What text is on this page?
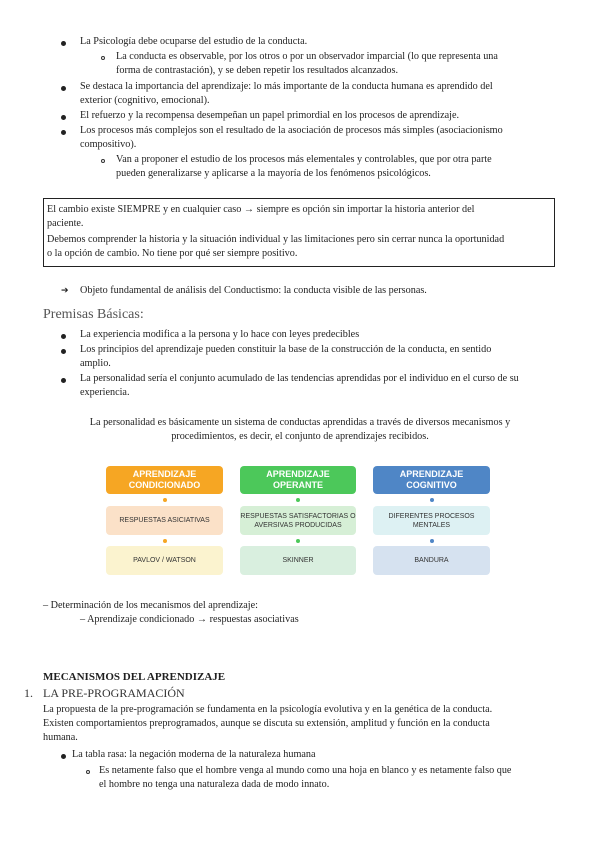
La Psicología debe ocuparse del estudio de la conducta.
La conducta es observable, por los otros o por un observador imparcial (lo que representa una
forma de contrastación), y se deben repetir los resultados alcanzados.
Se destaca la importancia del aprendizaje: lo más importante de la conducta humana es aprendido del
exterior (cognitivo, emocional).
El refuerzo y la recompensa desempeñan un papel primordial en los procesos de aprendizaje.
Los procesos más complejos son el resultado de la asociación de procesos más simples (asociacionismo
compositivo).
Van a proponer el estudio de los procesos más elementales y controlables, que por otra parte
pueden generalizarse y aplicarse a la mayoría de los fenómenos psicológicos.
El cambio existe SIEMPRE y en cualquier caso → siempre es opción sin importar la historia anterior del
paciente.
Debemos comprender la historia y la situación individual y las limitaciones pero sin cerrar nunca la oportunidad
o la opción de cambio. No tiene por qué ser siempre positivo.
➔ Objeto fundamental de análisis del Conductismo: la conducta visible de las personas.
Premisas Básicas:
La experiencia modifica a la persona y lo hace con leyes predecibles
Los principios del aprendizaje pueden constituir la base de la construcción de la conducta, en sentido
amplio.
La personalidad sería el conjunto acumulado de las tendencias aprendidas por el individuo en el curso de su
experiencia.
La personalidad es básicamente un sistema de conductas aprendidas a través de diversos mecanismos y
procedimientos, es decir, el conjunto de aprendizajes recibidos.
APRENDIZAJE
CONDICIONADO
RESPUESTAS ASICIATIVAS
PAVLOV / WATSON
APRENDIZAJE
OPERANTE
RESPUESTAS SATISFACTORIAS O
AVERSIVAS PRODUCIDAS
SKINNER
APRENDIZAJE
COGNITIVO
DIFERENTES PROCESOS
MENTALES
BANDURA
– Determinación de los mecanismos del aprendizaje:
– Aprendizaje condicionado → respuestas asociativas
MECANISMOS DEL APRENDIZAJE
1. LA PRE-PROGRAMACIÓN
La propuesta de la pre-programación se fundamenta en la psicología evolutiva y en la genética de la conducta.
Existen comportamientos preprogramados, aunque se discuta su extensión, amplitud y función en la conducta
humana.
La tabla rasa: la negación moderna de la naturaleza humana
Es netamente falso que el hombre venga al mundo como una hoja en blanco y es netamente falso que
el hombre no tenga una naturaleza dada de modo innato.
